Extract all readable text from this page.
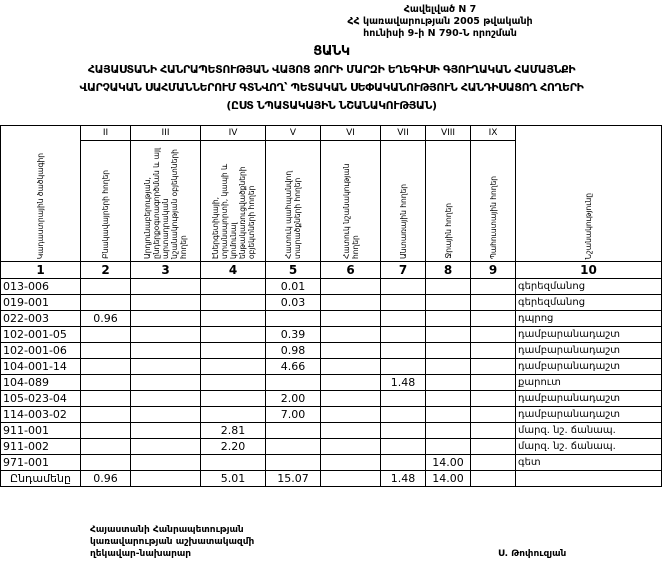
Հավելված N 7
ՀՀ կառավարության 2005 թվականի
հունիսի 9-ի N 790-Ն որոշման
ՑԱՆԿ
ՀԱՅԱՍՏԱՆԻ ՀԱՆՐԱՊԵՏՈՒԹՅԱՆ ՎԱՅՈՑ ՁՈՐԻ ՄԱՐԶԻ ԵՂԵԳԻՍԻ ԳՅՈՒՂԱԿԱՆ ՀԱՄԱՅՆՔԻ
ՎԱՐՉԱԿԱՆ ՍԱՀՄԱՆՆԵՐՈՒՄ ԳՏՆՎՈՂ՝ ՊԵՏԱԿԱՆ ՍԵՓԱԿԱՆՈՒԹՅՈՒՆ ՀԱՆԴԻՍԱՑՈՂ ՀՈՂԵՐԻ
(ԸՍՏ ՆՊԱՏԱԿԱՅԻՆ ՆՇԱՆԱԿՈՒԹՅԱՆ)
Կադաստրային ծածկագիր	II	III	IV	V	VI	VII	VIII	IX	Նշանակությունը

	Բնակավայրերի հողեր	Արդյունաբերության, ընդերքօգտագործման և այլ արտադրական նշանակության օբյեկտների հողեր	Էներգետիկայի, տրանսպորտի, կապի և կոմունալ ենթակառուցվածքների օբյեկտների հողեր	Հատուկ պահպանվող տարածքների հողեր	Հատուկ նշանակության հողեր	Անտառային հողեր	Ջրային հողեր	Պահուստային հողեր	

1	2	3	4	5	6	7	8	9	10
013-006				0.01					գերեզմանոց
019-001				0.03					գերեզմանոց
022-003	0.96								դպրոց
102-001-05				0.39					դամբարանադաշտ
102-001-06				0.98					դամբարանադաշտ
104-001-14				4.66					դամբարանադաշտ
104-089						1.48			քարուտ
105-023-04				2.00					դամբարանադաշտ
114-003-02				7.00					դամբարանադաշտ
911-001			2.81						մարզ. նշ. ճանապ.
911-002			2.20						մարզ. նշ. ճանապ.
971-001							14.00		գետ
Ընդամենը	0.96		5.01	15.07		1.48	14.00		
Հայաստանի Հանրապետության
կառավարության աշխատակազմի
ղեկավար-նախարար	Ս. Թոփուզյան
